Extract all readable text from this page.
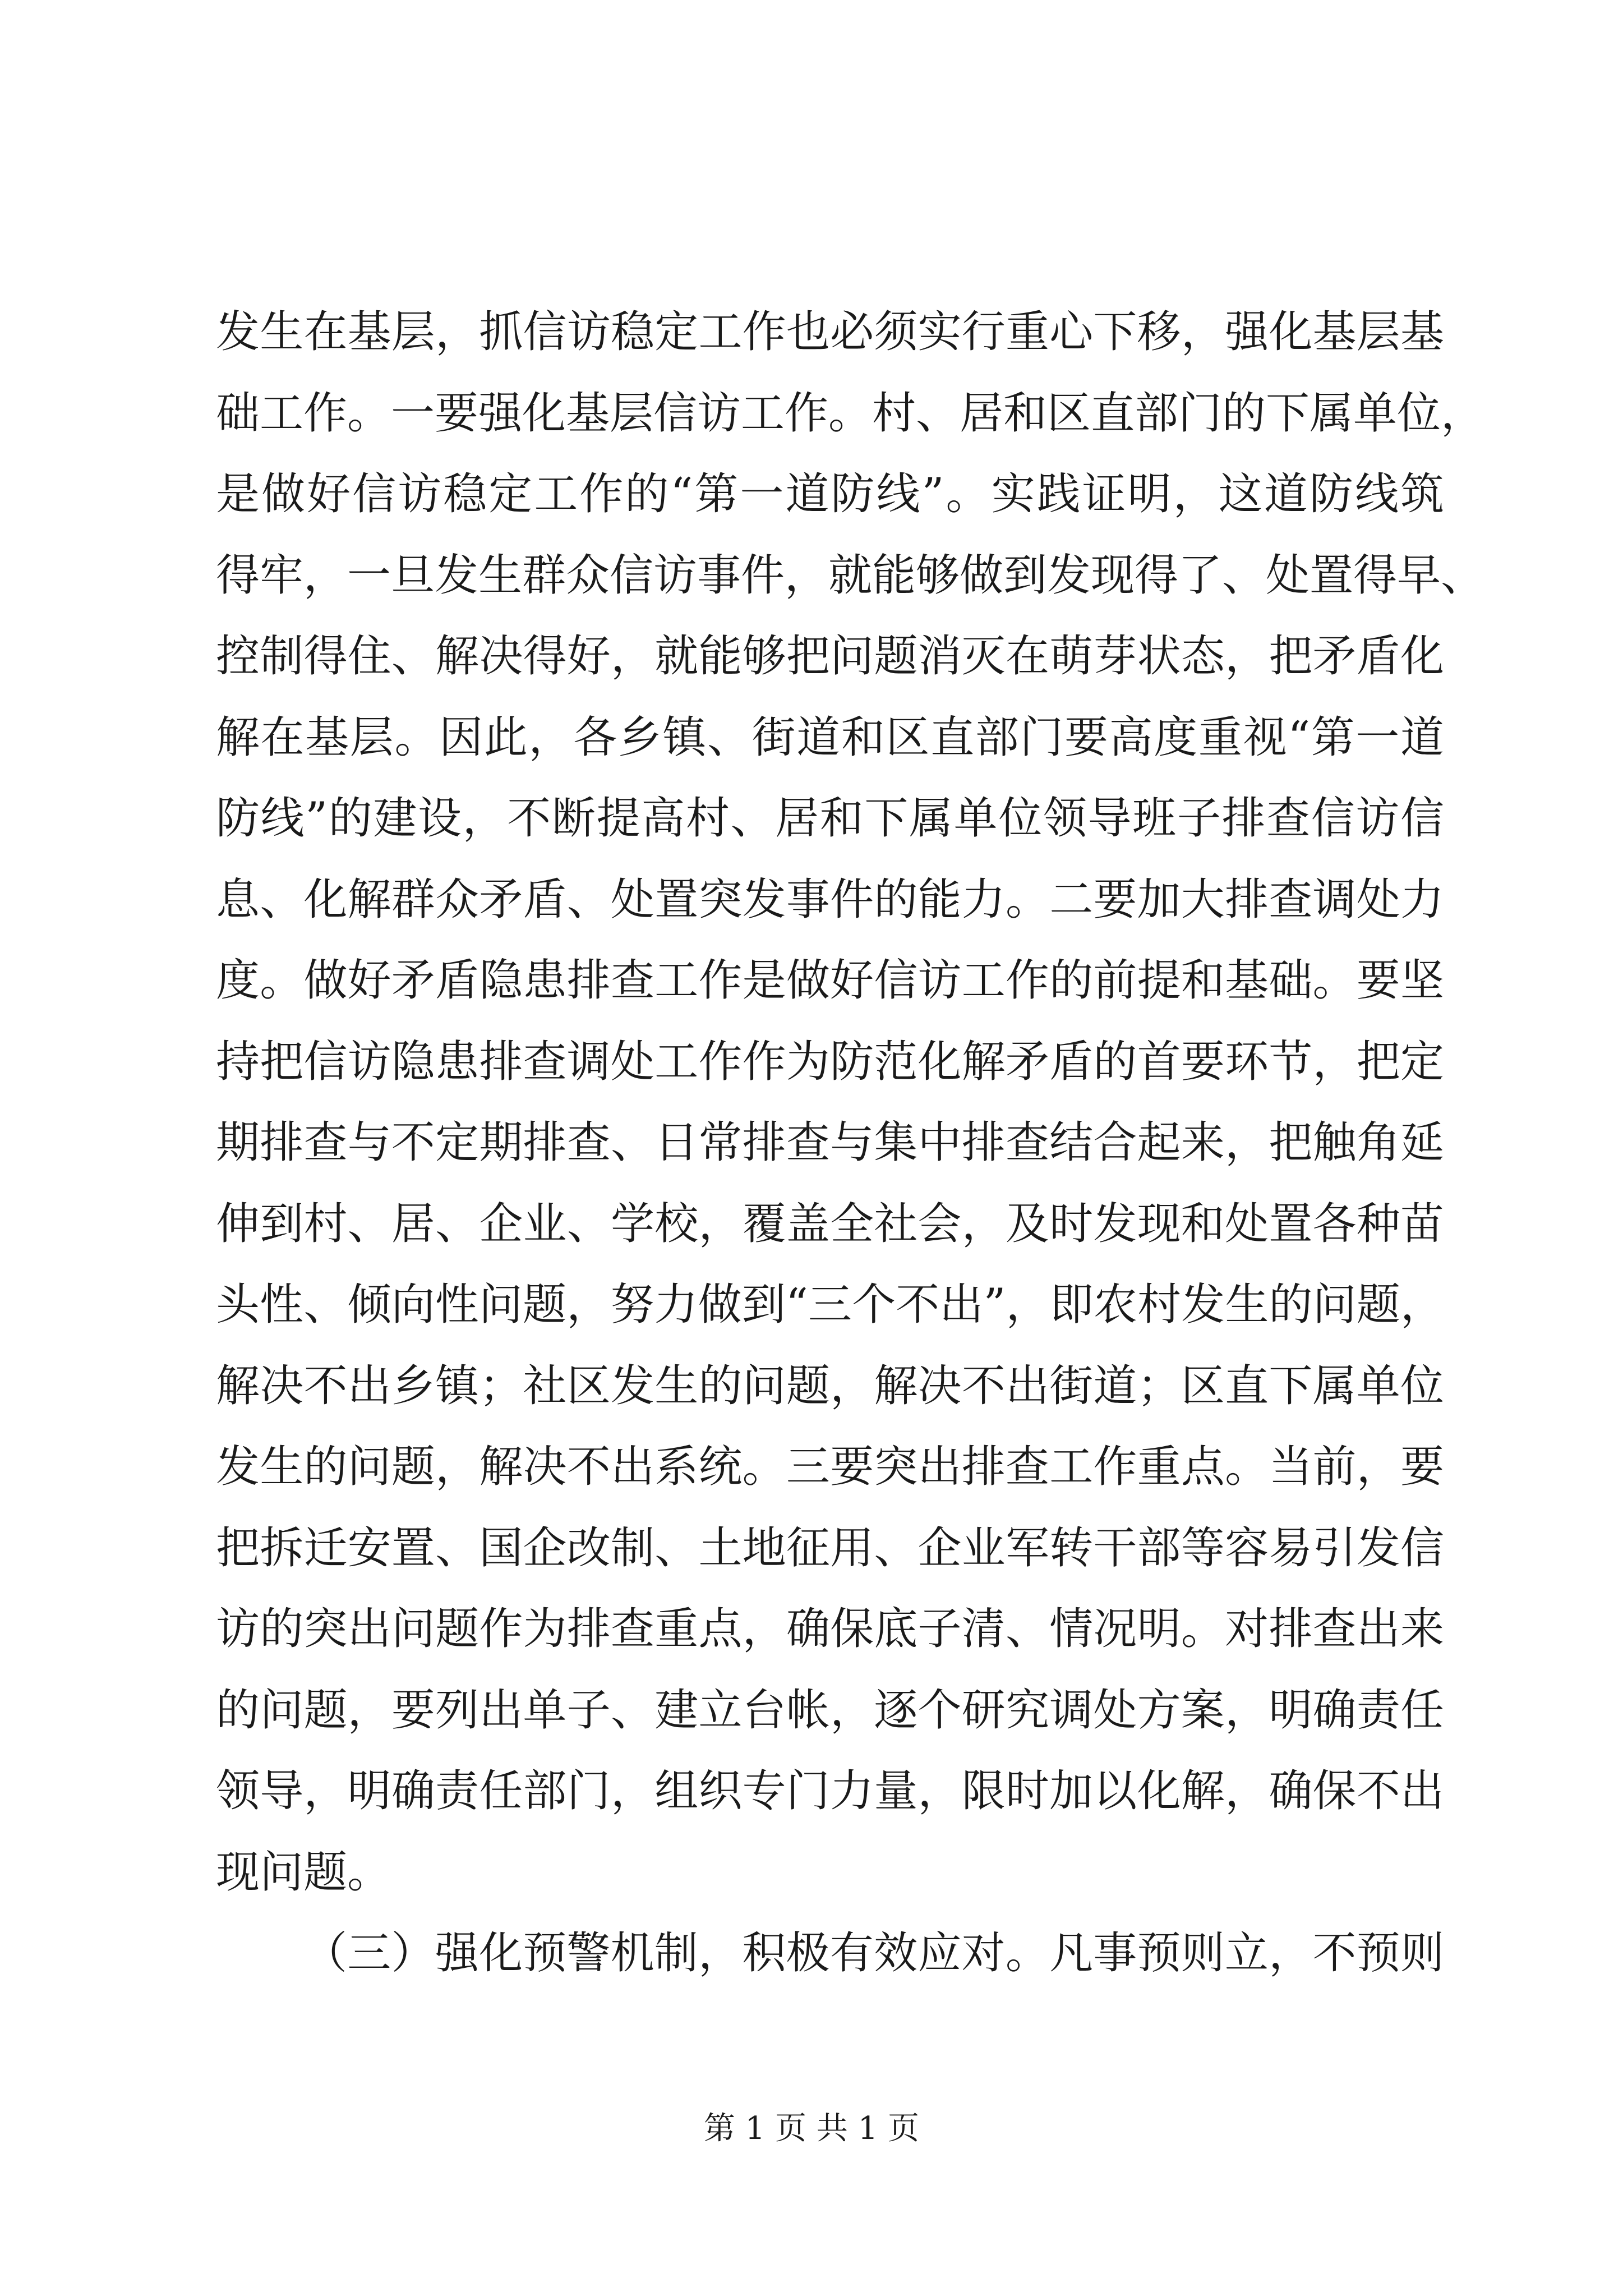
发生在基层，抓信访稳定工作也必须实行重心下移，强化基层基
础工作。一要强化基层信访工作。村、居和区直部门的下属单位，
是做好信访稳定工作的“第一道防线”。实践证明，这道防线筑
得牢，一旦发生群众信访事件，就能够做到发现得了、处置得早、
控制得住、解决得好，就能够把问题消灭在萌芽状态，把矛盾化
解在基层。因此，各乡镇、街道和区直部门要高度重视“第一道
防线”的建设，不断提高村、居和下属单位领导班子排查信访信
息、化解群众矛盾、处置突发事件的能力。二要加大排查调处力
度。做好矛盾隐患排查工作是做好信访工作的前提和基础。要坚
持把信访隐患排查调处工作作为防范化解矛盾的首要环节，把定
期排查与不定期排查、日常排查与集中排查结合起来，把触角延
伸到村、居、企业、学校，覆盖全社会，及时发现和处置各种苗
头性、倾向性问题，努力做到“三个不出”，即农村发生的问题，
解决不出乡镇；社区发生的问题，解决不出街道；区直下属单位
发生的问题，解决不出系统。三要突出排查工作重点。当前，要
把拆迁安置、国企改制、土地征用、企业军转干部等容易引发信
访的突出问题作为排查重点，确保底子清、情况明。对排查出来
的问题，要列出单子、建立台帐，逐个研究调处方案，明确责任
领导，明确责任部门，组织专门力量，限时加以化解，确保不出
现问题。
（三）强化预警机制，积极有效应对。凡事预则立，不预则
第 1 页 共 1 页
